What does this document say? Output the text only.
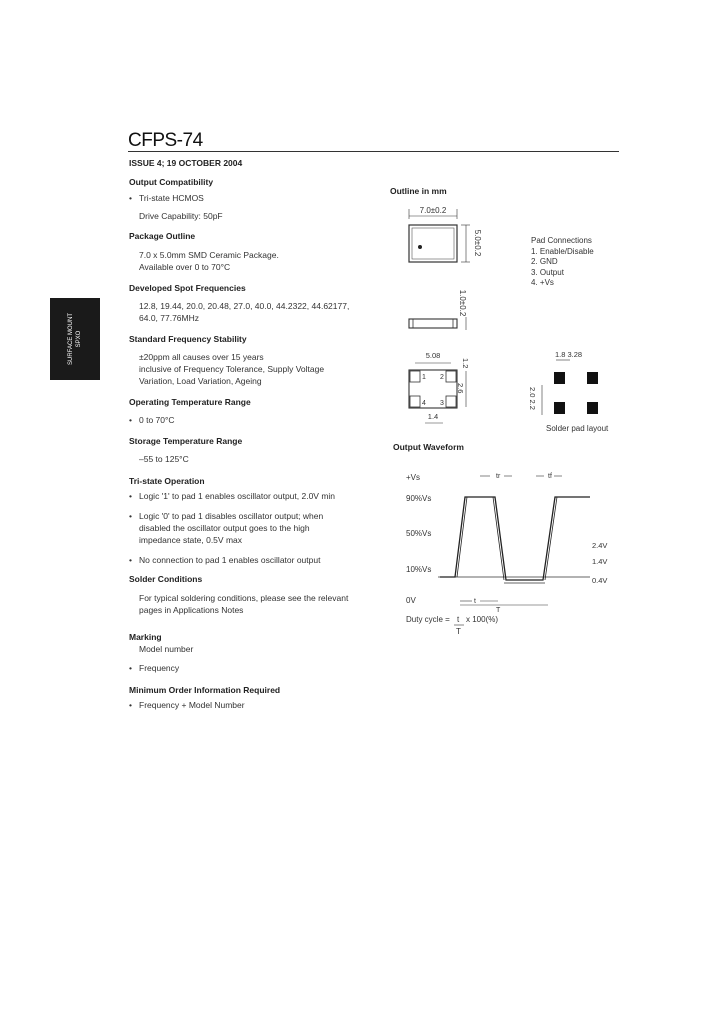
CFPS-74
ISSUE 4; 19 OCTOBER 2004
SURFACE MOUNT SPXO
Output Compatibility
• Tri-state HCMOS
Drive Capability: 50pF
Package Outline
7.0 x 5.0mm SMD Ceramic Package.
Available over 0 to 70°C
Developed Spot Frequencies
12.8, 19.44, 20.0, 20.48, 27.0, 40.0, 44.2322, 44.62177,
64.0, 77.76MHz
Standard Frequency Stability
±20ppm all causes over 15 years
inclusive of Frequency Tolerance, Supply Voltage
Variation, Load Variation, Ageing
Operating Temperature Range
• 0 to 70°C
Storage Temperature Range
–55 to 125°C
Tri-state Operation
• Logic '1' to pad 1 enables oscillator output, 2.0V min
• Logic '0' to pad 1 disables oscillator output; when
disabled the oscillator output goes to the high
impedance state, 0.5V max
• No connection to pad 1 enables oscillator output
Solder Conditions
For typical soldering conditions, please see the relevant
pages in Applications Notes
Marking
Model number
• Frequency
Minimum Order Information Required
• Frequency + Model Number
Outline in mm
7.0±0.2
5.0±0.2
1.0±0.2
1 2
4 3
5.08
1.2
2.6
1.4
Pad Connections
1. Enable/Disable
2. GND
3. Output
4. +Vs
1.8 3.28
2.0 2.2
Solder pad layout
Output Waveform
+Vs
90%Vs
50%Vs
10%Vs
0V
tr	tf
2.4V
1.4V
0.4V
t
T
Duty cycle = t
T
x 100(%)
